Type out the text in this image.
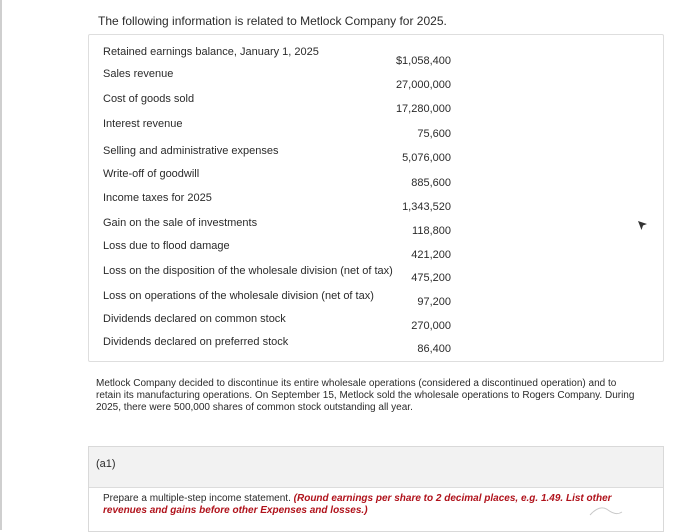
The following information is related to Metlock Company for 2025.
Retained earnings balance, January 1, 2025
Sales revenue
Cost of goods sold
Interest revenue
Selling and administrative expenses
Write-off of goodwill
Income taxes for 2025
Gain on the sale of investments
Loss due to flood damage
Loss on the disposition of the wholesale division (net of tax)
Loss on operations of the wholesale division (net of tax)
Dividends declared on common stock
Dividends declared on preferred stock
$1,058,400
27,000,000
17,280,000
75,600
5,076,000
885,600
1,343,520
118,800
421,200
475,200
97,200
270,000
86,400
Metlock Company decided to discontinue its entire wholesale operations (considered a discontinued operation) and to retain its manufacturing operations. On September 15, Metlock sold the wholesale operations to Rogers Company. During 2025, there were 500,000 shares of common stock outstanding all year.
(a1)
Prepare a multiple-step income statement. (Round earnings per share to 2 decimal places, e.g. 1.49. List other revenues and gains before other Expenses and losses.)
